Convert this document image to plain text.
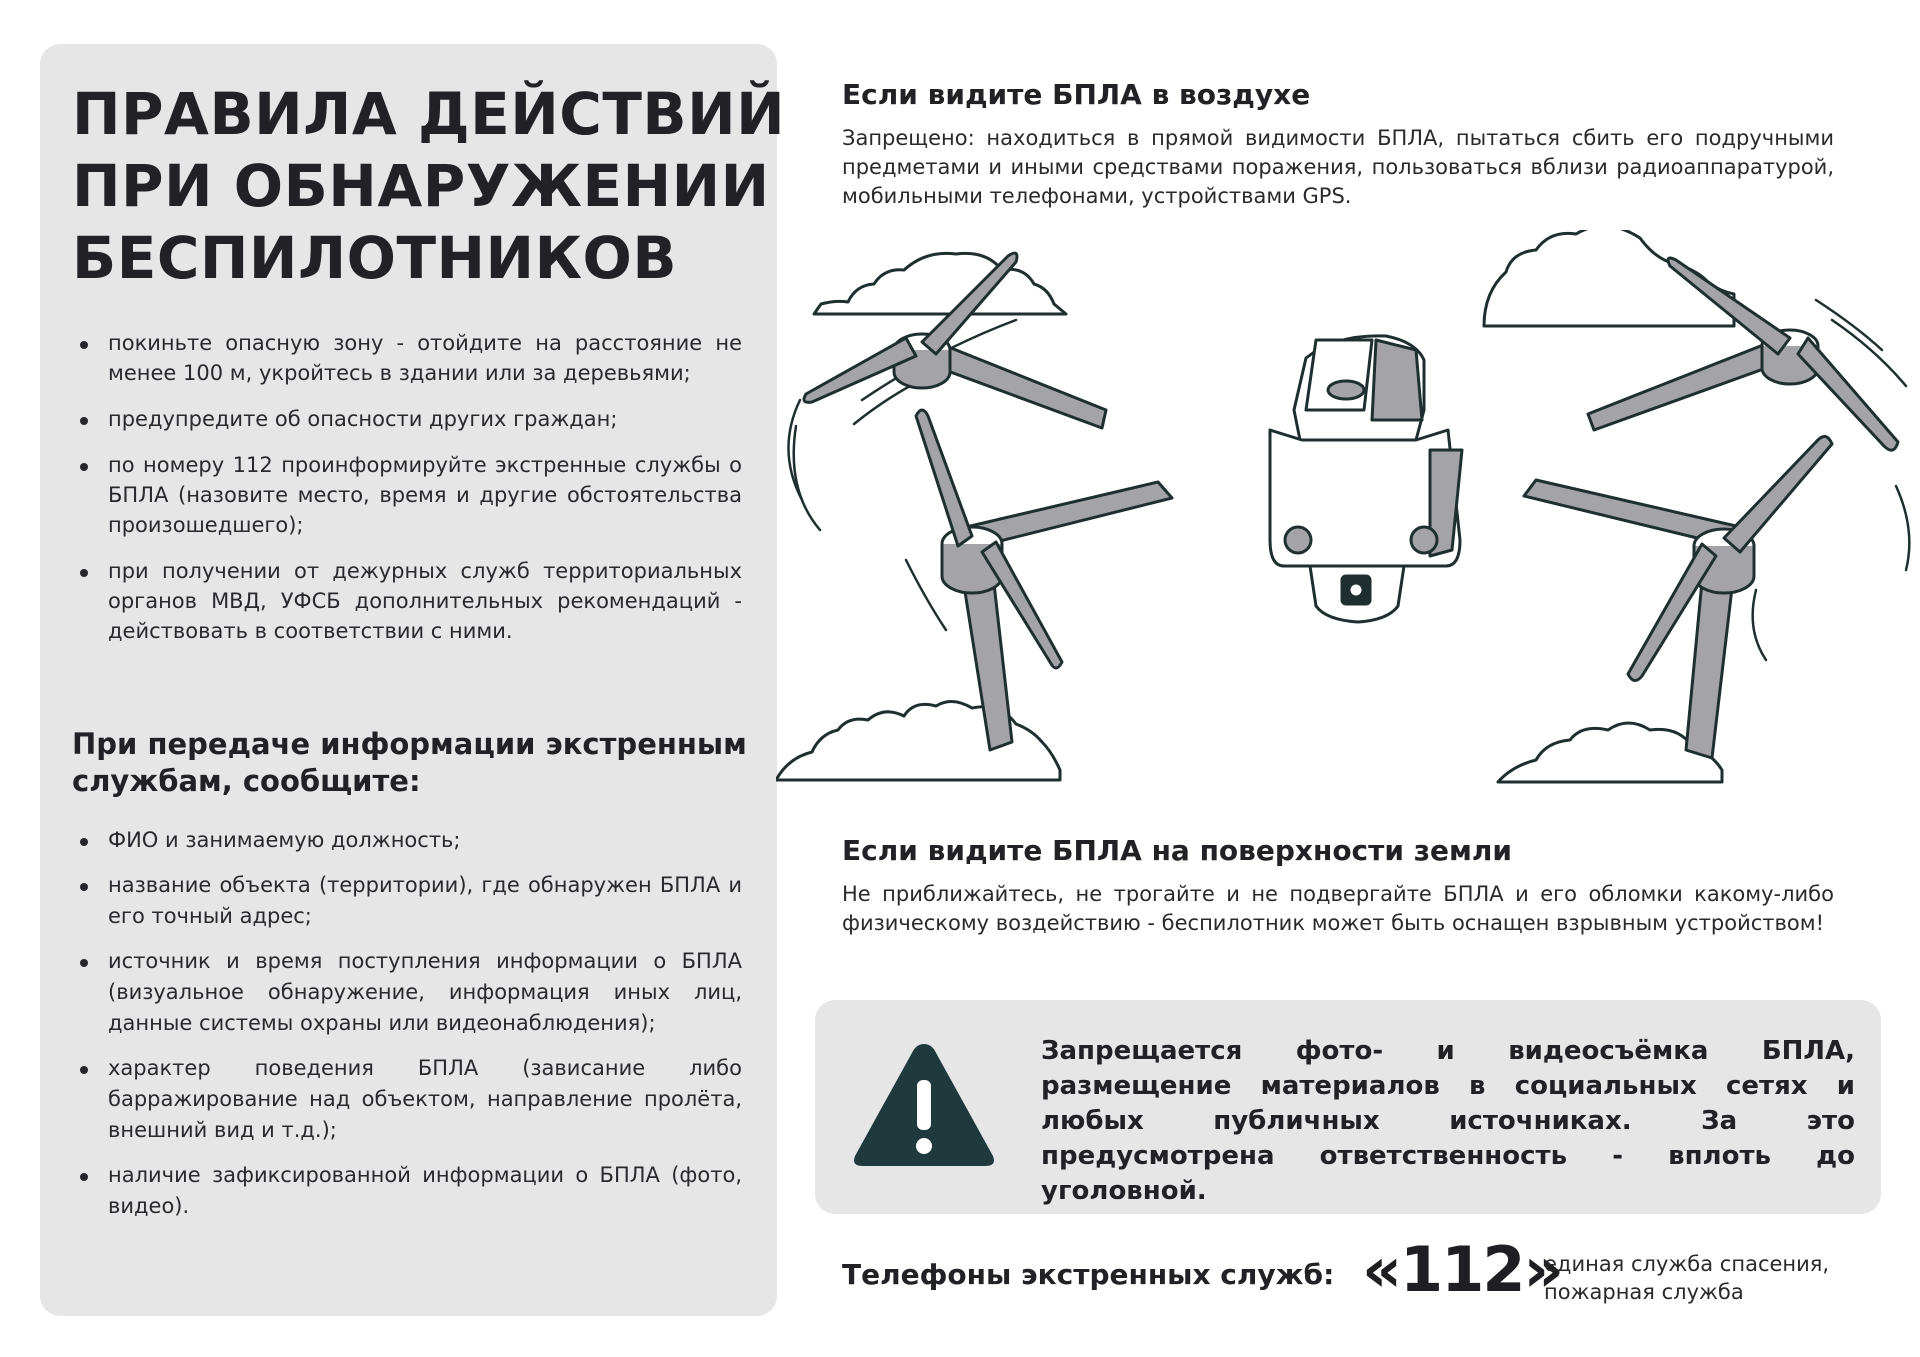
ПРАВИЛА ДЕЙСТВИЙ
ПРИ ОБНАРУЖЕНИИ
БЕСПИЛОТНИКОВ
покиньте опасную зону - отойдите на расстояние не менее 100 м, укройтесь в здании или за деревьями;
предупредите об опасности других граждан;
по номеру 112 проинформируйте экстренные службы о БПЛА (назовите место, время и другие обстоятельства произошедшего);
при получении от дежурных служб территориальных органов МВД, УФСБ дополнительных рекомендаций - действовать в соответствии с ними.
При передаче информации экстренным службам, сообщите:
ФИО и занимаемую должность;
название объекта (территории), где обнаружен БПЛА и его точный адрес;
источник и время поступления информации о БПЛА (визуальное обнаружение, информация иных лиц, данные системы охраны или видеонаблюдения);
характер поведения БПЛА (зависание либо барражирование над объектом, направление пролёта, внешний вид и т.д.);
наличие зафиксированной информации о БПЛА (фото, видео).
Если видите БПЛА в воздухе

Запрещено: находиться в прямой видимости БПЛА, пытаться сбить его подручными предметами и иными средствами поражения, пользоваться вблизи радиоаппаратурой, мобильными телефонами, устройствами GPS.

Если видите БПЛА на поверхности земли

Не приближайтесь, не трогайте и не подвергайте БПЛА и его обломки какому-либо физическому воздействию - беспилотник может быть оснащен взрывным устройством!

Запрещается фото- и видеосъёмка БПЛА, размещение материалов в социальных сетях и любых публичных источниках. За это предусмотрена ответственность - вплоть до уголовной.

Телефоны экстренных служб: «112»

единая служба спасения,
пожарная служба
